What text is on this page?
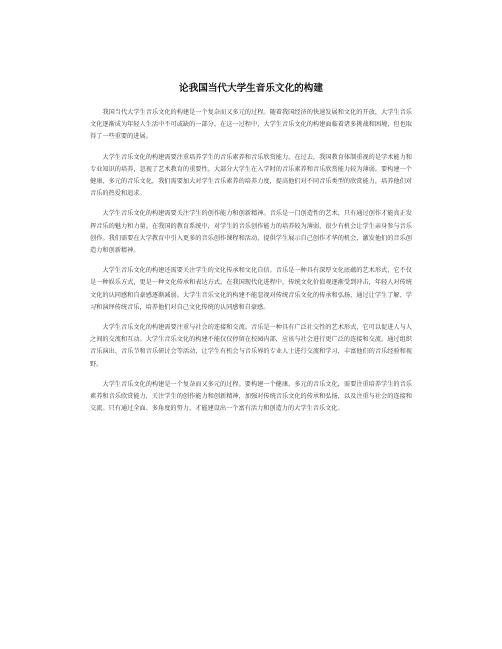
论我国当代大学生音乐文化的构建

我国当代大学生音乐文化的构建是一个复杂而又多元的过程。随着我国经济的快速发展和文化的开放，大学生音乐文化逐渐成为年轻人生活中不可或缺的一部分。在这一过程中，大学生音乐文化的构建面临着诸多挑战和困境，但也取得了一些重要的进展。

大学生音乐文化的构建需要注重培养学生的音乐素养和音乐欣赏能力。在过去，我国教育体制重视的是学术能力和专业知识的培养，忽视了艺术教育的重要性。大部分大学生在入学时的音乐素养和音乐欣赏能力较为薄弱。要构建一个健康、多元的音乐文化，我们需要加大对学生音乐素养的培养力度，提高他们对不同音乐类型的欣赏能力，培养他们对音乐的热爱和追求。

大学生音乐文化的构建需要关注学生的创作能力和创新精神。音乐是一门创造性的艺术，只有通过创作才能真正发挥音乐的魅力和力量。在我国的教育系统中，对学生的音乐创作能力的培养较为薄弱，很少有机会让学生亲身参与音乐创作。我们需要在大学教育中引入更多的音乐创作课程和活动，提供学生展示自己创作才华的机会，激发他们的音乐创造力和创新精神。

大学生音乐文化的构建还需要关注学生的文化传承和文化自信。音乐是一种具有深厚文化底蕴的艺术形式，它不仅是一种娱乐方式，更是一种文化传承和表达方式。在我国现代化进程中，传统文化价值观逐渐受到冲击，年轻人对传统文化的认同感和自豪感逐渐减弱。大学生音乐文化的构建不能忽视对传统音乐文化的传承和弘扬，通过让学生了解、学习和演绎传统音乐，培养他们对自己文化传统的认同感和自豪感。

大学生音乐文化的构建需要注重与社会的连接和交流。音乐是一种具有广泛社交性的艺术形式，它可以促进人与人之间的交流和互动。大学生音乐文化的构建不能仅仅停留在校园内部，应该与社会进行更广泛的连接和交流。通过组织音乐演出、音乐节和音乐研讨会等活动，让学生有机会与音乐界的专业人士进行交流和学习，丰富他们的音乐经验和视野。

大学生音乐文化的构建是一个复杂而又多元的过程。要构建一个健康、多元的音乐文化，需要注重培养学生的音乐素养和音乐欣赏能力，关注学生的创作能力和创新精神，加强对传统音乐文化的传承和弘扬，以及注重与社会的连接和交流。只有通过全面、多角度的努力，才能建设出一个富有活力和创造力的大学生音乐文化。
